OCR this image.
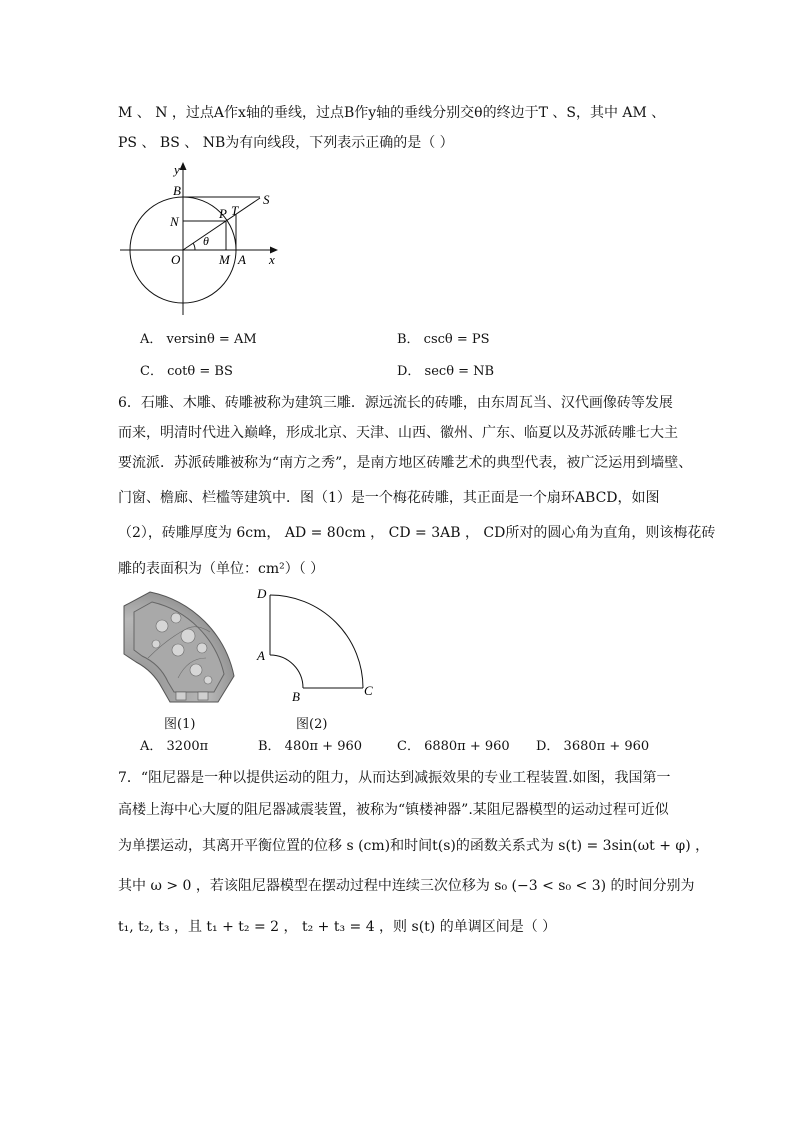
M 、 N ，过点A作x轴的垂线，过点B作y轴的垂线分别交θ的终边于T 、S，其中 AM 、
PS 、 BS 、 NB为有向线段，下列表示正确的是（ ）
y
B
S
P T
N
θ
O	M A x
A． versinθ = AM	B． cscθ = PS
C． cotθ = BS	D． secθ = NB
6．石雕、木雕、砖雕被称为建筑三雕．源远流长的砖雕，由东周瓦当、汉代画像砖等发展
而来，明清时代进入巅峰，形成北京、天津、山西、徽州、广东、临夏以及苏派砖雕七大主
要流派．苏派砖雕被称为“南方之秀”，是南方地区砖雕艺术的典型代表，被广泛运用到墙壁、
门窗、檐廊、栏槛等建筑中．图（1）是一个梅花砖雕，其正面是一个扇环ABCD，如图
（2），砖雕厚度为 6cm， AD = 80cm ， CD = 3AB ， CD所对的圆心角为直角，则该梅花砖
雕的表面积为（单位：cm²）（ ）
D
A
B	C
图(1)	图(2)
A． 3200π	B． 480π + 960	C． 6880π + 960 D． 3680π + 960
7．“阻尼器是一种以提供运动的阻力，从而达到减振效果的专业工程装置.如图，我国第一
高楼上海中心大厦的阻尼器减震装置，被称为“镇楼神器”.某阻尼器模型的运动过程可近似
为单摆运动，其离开平衡位置的位移 s (cm)和时间t(s)的函数关系式为 s(t) = 3sin(ωt + φ) ，
其中 ω > 0 ，若该阻尼器模型在摆动过程中连续三次位移为 s₀ (−3 < s₀ < 3) 的时间分别为
t₁, t₂, t₃ ，且 t₁ + t₂ = 2 ， t₂ + t₃ = 4 ，则 s(t) 的单调区间是（ ）
